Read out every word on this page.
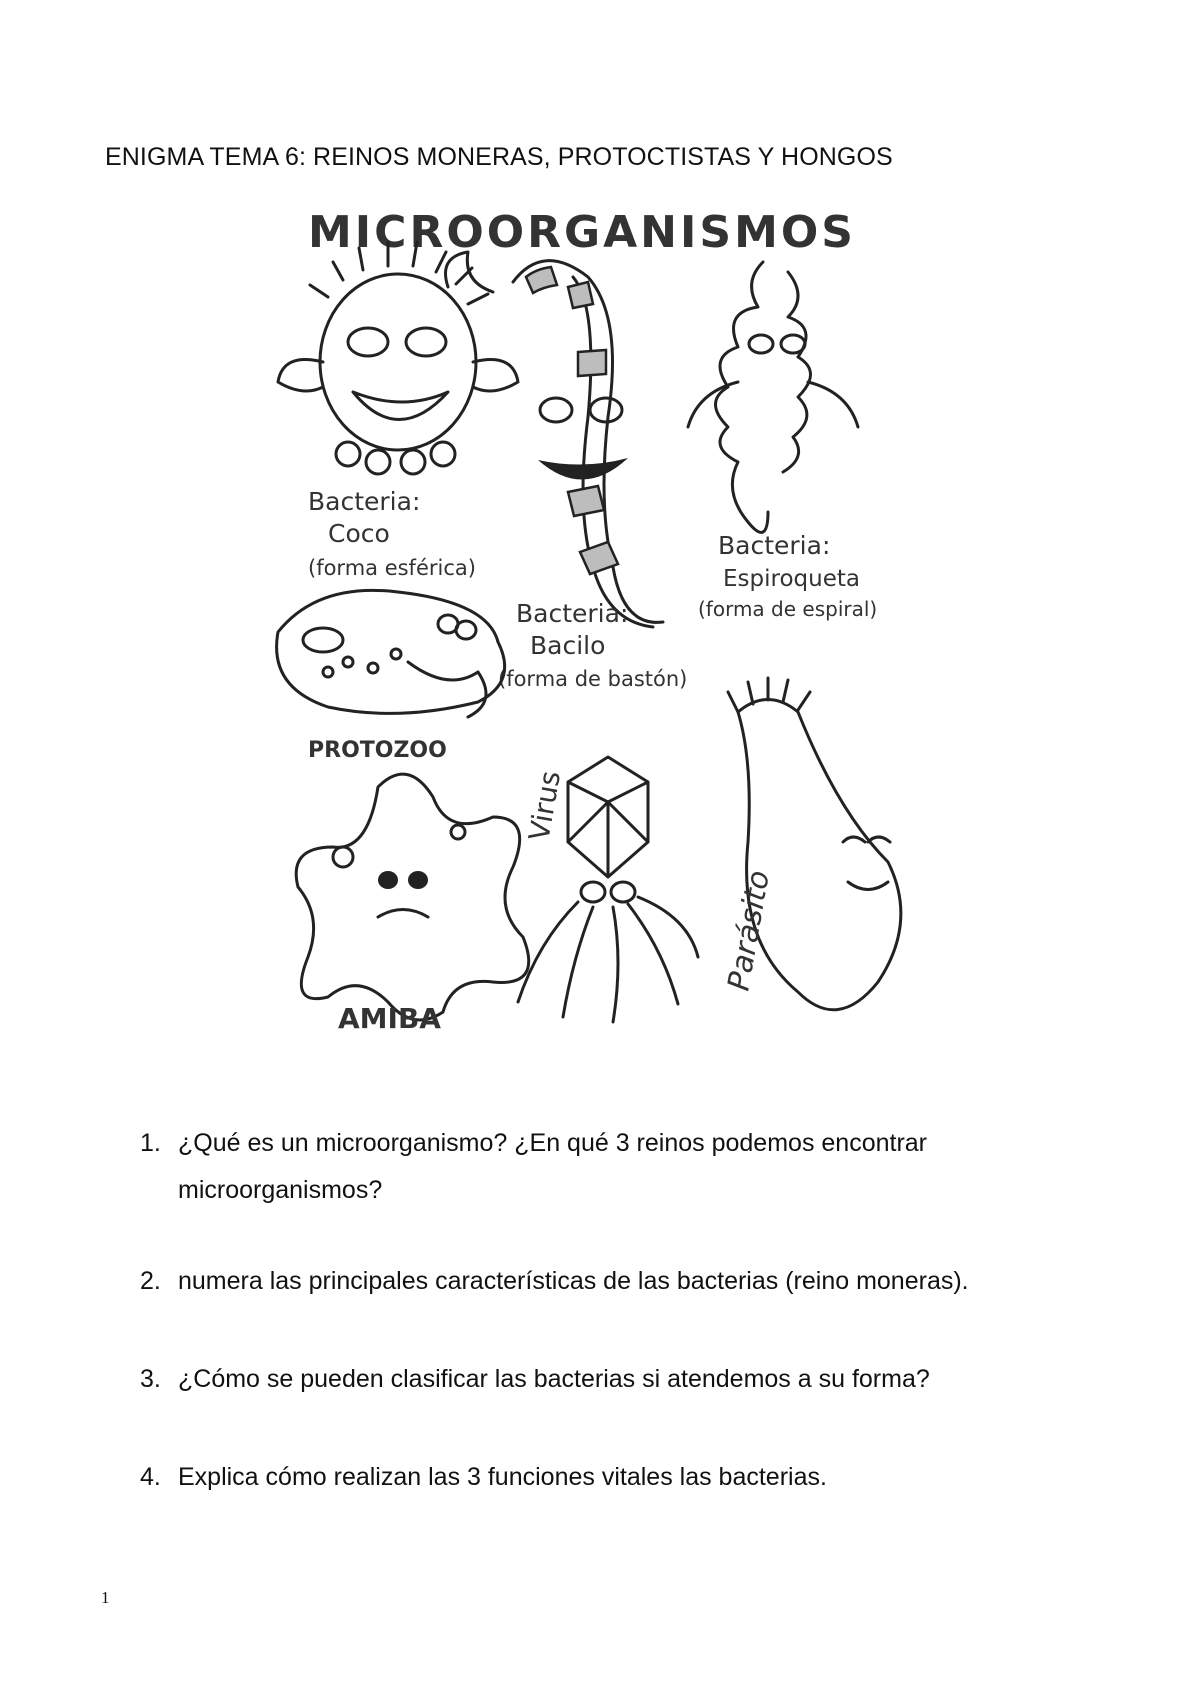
ENIGMA TEMA 6: REINOS MONERAS, PROTOCTISTAS Y HONGOS
MICROORGANISMOS
Bacteria:
Coco
(forma esférica)
Bacteria:
Bacilo
(forma de bastón)
Bacteria:
Espiroqueta
(forma de espiral)
PROTOZOO
AMIBA
Virus
Parásito
1. ¿Qué es un microorganismo? ¿En qué 3 reinos podemos encontrar microorganismos?
2. numera las principales características de las bacterias (reino moneras).
3. ¿Cómo se pueden clasificar las bacterias si atendemos a su forma?
4. Explica cómo realizan las 3 funciones vitales las bacterias.
1
